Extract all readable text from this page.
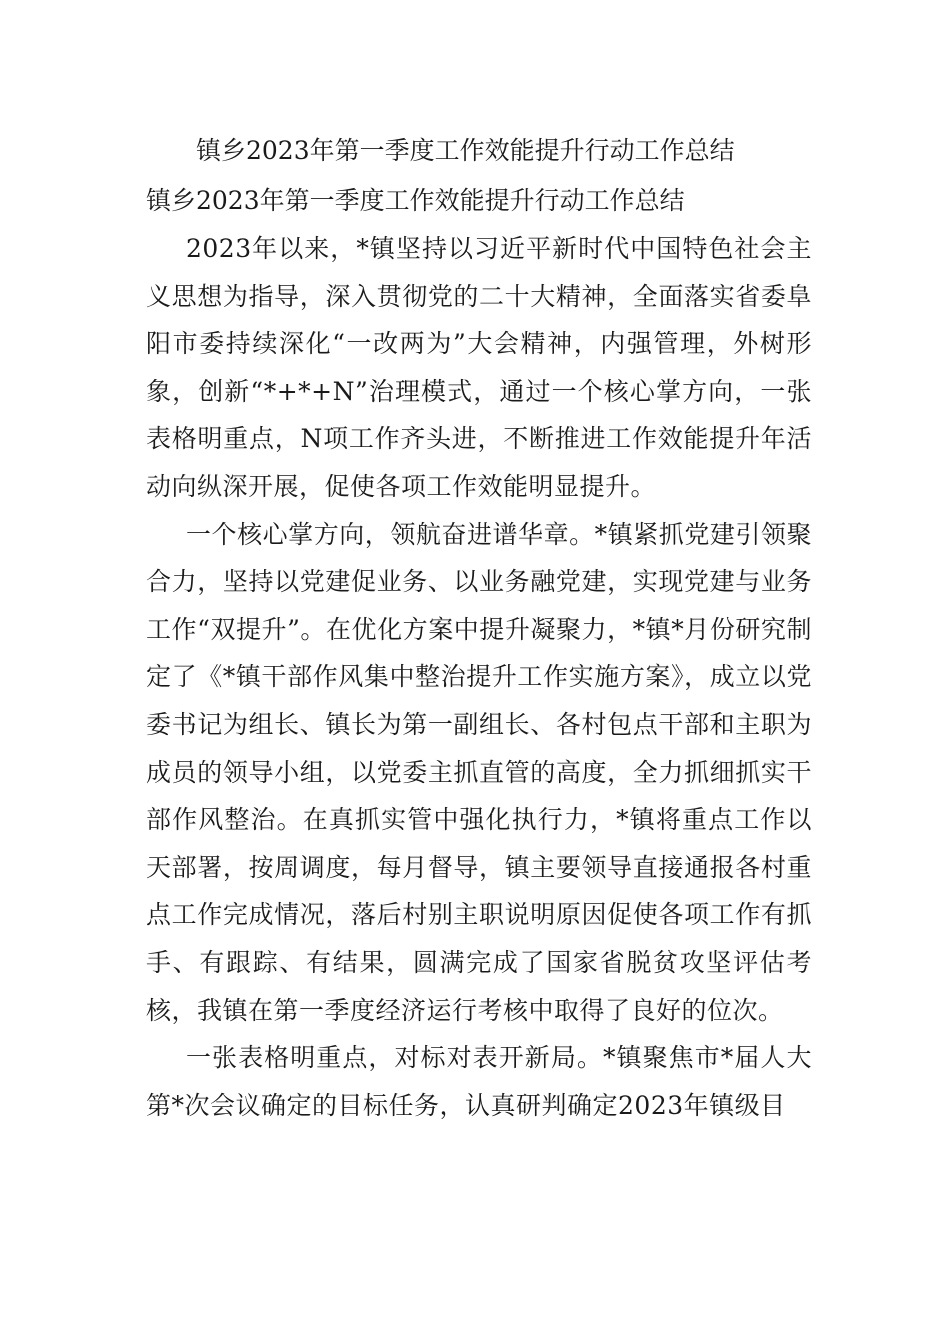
镇乡2023年第一季度工作效能提升行动工作总结
镇乡2023年第一季度工作效能提升行动工作总结

2023年以来，*镇坚持以习近平新时代中国特色社会主义思想为指导，深入贯彻党的二十大精神，全面落实省委阜阳市委持续深化“一改两为”大会精神，内强管理，外树形象，创新“*+*+N”治理模式，通过一个核心掌方向，一张表格明重点，N项工作齐头进，不断推进工作效能提升年活动向纵深开展，促使各项工作效能明显提升。

一个核心掌方向，领航奋进谱华章。*镇紧抓党建引领聚合力，坚持以党建促业务、以业务融党建，实现党建与业务工作“双提升”。在优化方案中提升凝聚力，*镇*月份研究制定了《*镇干部作风集中整治提升工作实施方案》，成立以党委书记为组长、镇长为第一副组长、各村包点干部和主职为成员的领导小组，以党委主抓直管的高度，全力抓细抓实干部作风整治。在真抓实管中强化执行力，*镇将重点工作以天部署，按周调度，每月督导，镇主要领导直接通报各村重点工作完成情况，落后村别主职说明原因促使各项工作有抓手、有跟踪、有结果，圆满完成了国家省脱贫攻坚评估考核，我镇在第一季度经济运行考核中取得了良好的位次。

一张表格明重点，对标对表开新局。*镇聚焦市*届人大第*次会议确定的目标任务，认真研判确定2023年镇级目
